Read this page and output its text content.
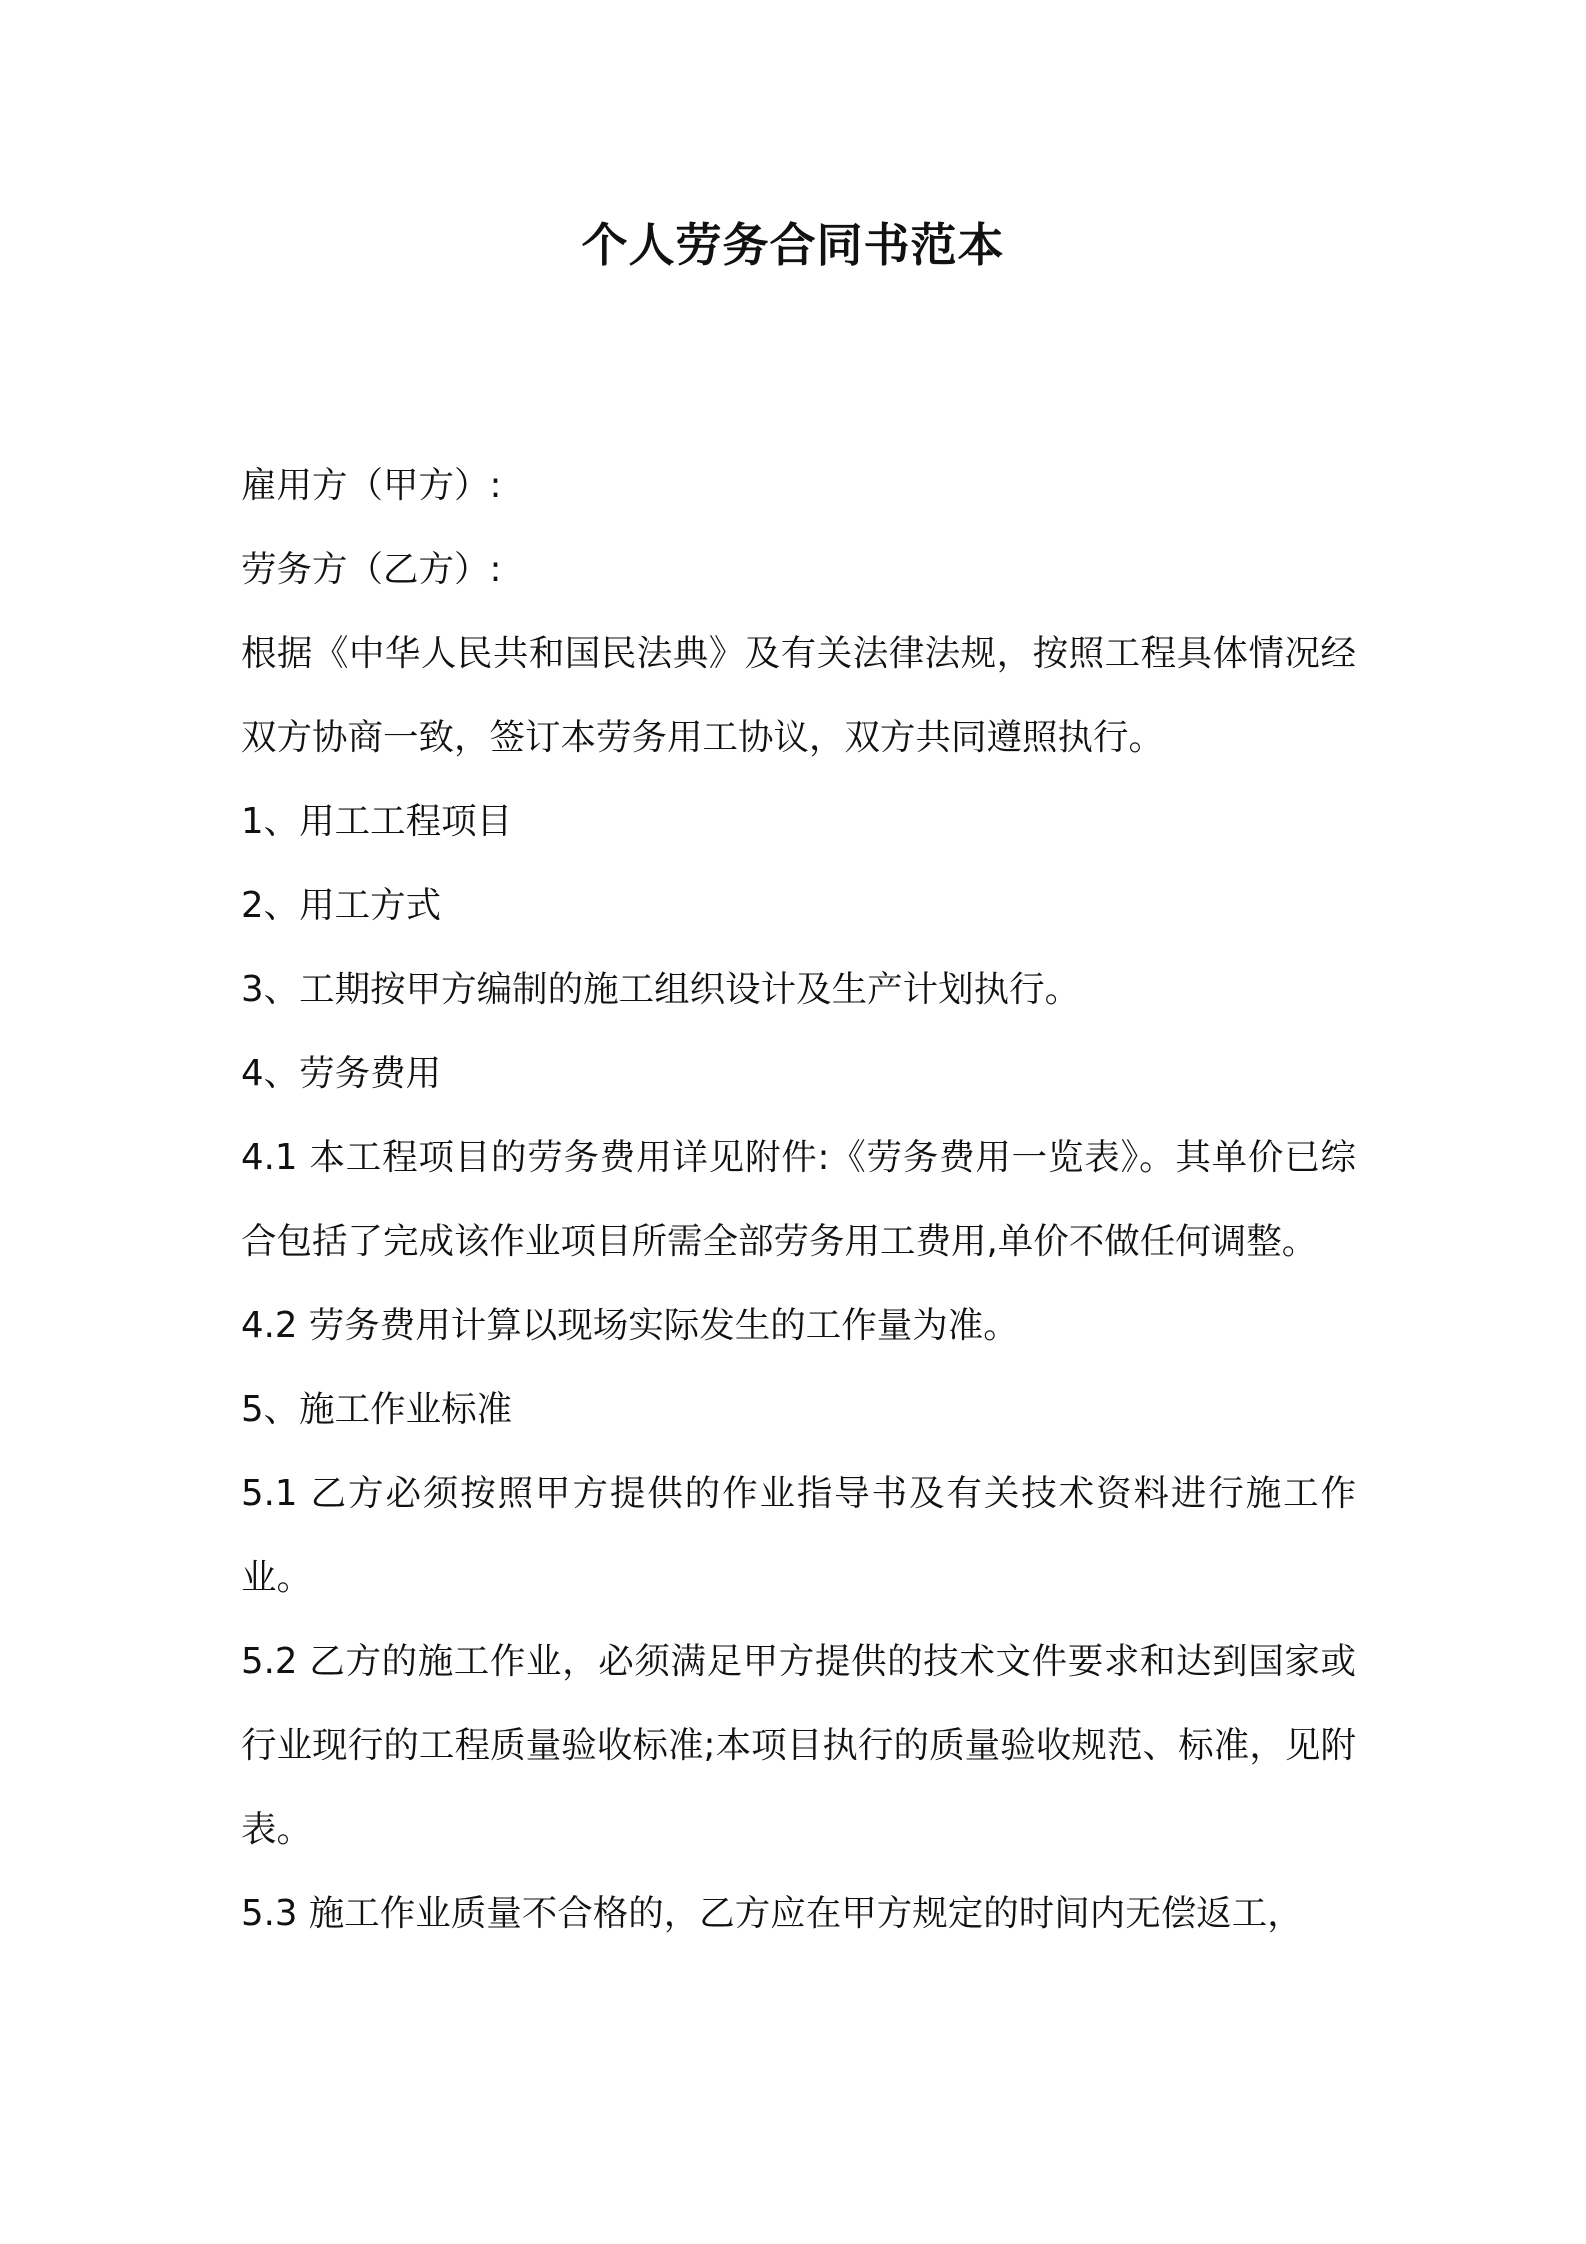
个人劳务合同书范本

雇用方（甲方）:

劳务方（乙方）:

根据《中华人民共和国民法典》及有关法律法规，按照工程具体情况经双方协商一致，签订本劳务用工协议，双方共同遵照执行。

1、用工工程项目

2、用工方式

3、工期按甲方编制的施工组织设计及生产计划执行。

4、劳务费用

4.1 本工程项目的劳务费用详见附件:《劳务费用一览表》。其单价已综合包括了完成该作业项目所需全部劳务用工费用,单价不做任何调整。

4.2 劳务费用计算以现场实际发生的工作量为准。

5、施工作业标准

5.1 乙方必须按照甲方提供的作业指导书及有关技术资料进行施工作业。

5.2 乙方的施工作业，必须满足甲方提供的技术文件要求和达到国家或行业现行的工程质量验收标准;本项目执行的质量验收规范、标准，见附表。

5.3 施工作业质量不合格的，乙方应在甲方规定的时间内无偿返工，
